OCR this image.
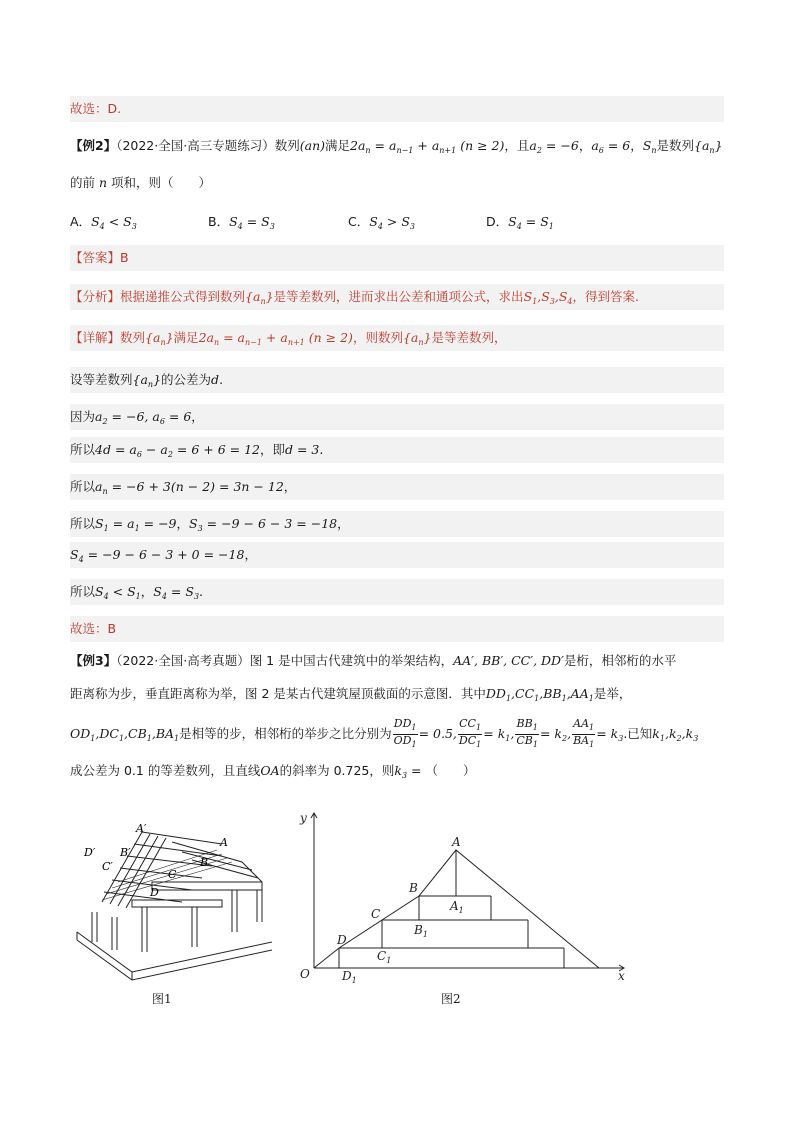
故选：D.
【例2】（2022·全国·高三专题练习）数列(an)满足$2a_n = a_{n-1} + a_{n+1}$ (n ≥ 2)，且$a_2 = -6$，$a_6 = 6$，$S_n$是数列$\{a_n\}$
的前 n 项和，则（　　）
A．$S_4 < S_3$	B．$S_4 = S_3$	C．$S_4 > S_3$	D．$S_4 = S_1$
【答案】B
【分析】根据递推公式得到数列$\{a_n\}$是等差数列，进而求出公差和通项公式，求出$S_1,S_3,S_4$，得到答案.
【详解】数列$\{a_n\}$满足$2a_n = a_{n-1} + a_{n+1}$ (n ≥ 2)，则数列$\{a_n\}$是等差数列，
设等差数列$\{a_n\}$的公差为d.
因为$a_2 = -6$, $a_6 = 6$，
所以$4d = a_6 - a_2 = 6 + 6 = 12$，即d = 3.
所以$a_n = -6 + 3(n - 2) = 3n - 12$，
所以$S_1 = a_1 = -9$，$S_3 = -9 - 6 - 3 = -18$，
$S_4 = -9 - 6 - 3 + 0 = -18$，
所以$S_4 < S_1$，$S_4 = S_3$.
故选：B
【例3】（2022·全国·高考真题）图 1 是中国古代建筑中的举架结构，AA′, BB′, CC′, DD′是桁，相邻桁的水平
距离称为步，垂直距离称为举，图 2 是某古代建筑屋顶截面的示意图．其中$DD_1,CC_1,BB_1,AA_1$是举，
$OD_1,DC_1,CB_1,BA_1$是相等的步，相邻桁的举步之比分别为 $\frac{DD_1}{OD_1} = 0.5$, $\frac{CC_1}{DC_1} = k_1$, $\frac{BB_1}{CB_1} = k_2$, $\frac{AA_1}{BA_1} = k_3$.已知$k_1,k_2,k_3$
成公差为 0.1 的等差数列，且直线OA的斜率为 0.725，则$k_3$ = （　　）
A′
B′
C′
D′
A
B
C
D
图1
y
x
O
A
B
C
D
$A_1$
$B_1$
$C_1$
$D_1$
图2
